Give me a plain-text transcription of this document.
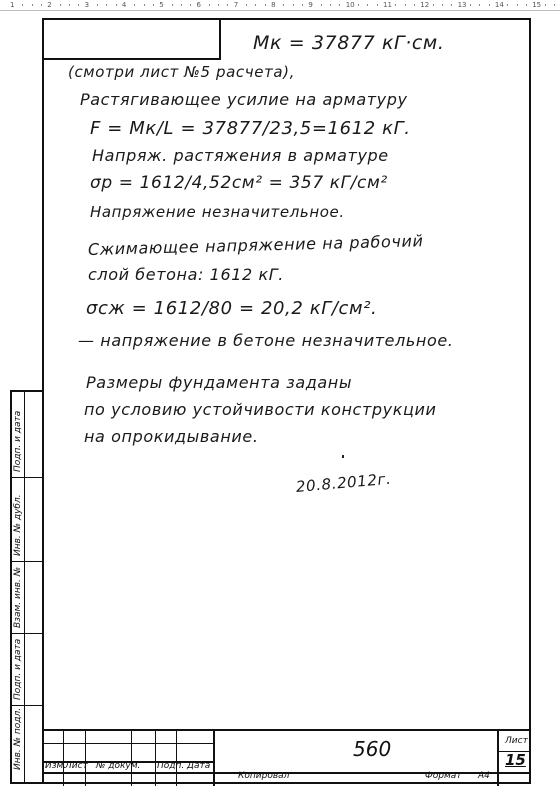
1	2	3	4	5	6	7	8	9	10	11	12	13	14	15
Mк = 37877 кГ·см.
(смотри лист №5 расчета),
Растягивающее усилие на арматуру
F = Mк/L = 37877/23,5=1612 кГ.
Напряж. растяжения в арматуре
σр = 1612/4,52см² = 357 кГ/см²
Напряжение незначительное.
Сжимающее напряжение на рабочий
слой бетона: 1612 кГ.
σсж = 1612/80 = 20,2 кГ/см².
— напряжение в бетоне незначительное.
Размеры фундамента заданы
по условию устойчивости конструкции
на опрокидывание.
20.8.2012г.
Инв. № подл.
Подп. и дата
Взам. инв. №
Инв. № дубл.
Подп. и дата
Изм.
Лист № докум. Подп. Дата
560	Лист
15
Копировал	Формат А4
